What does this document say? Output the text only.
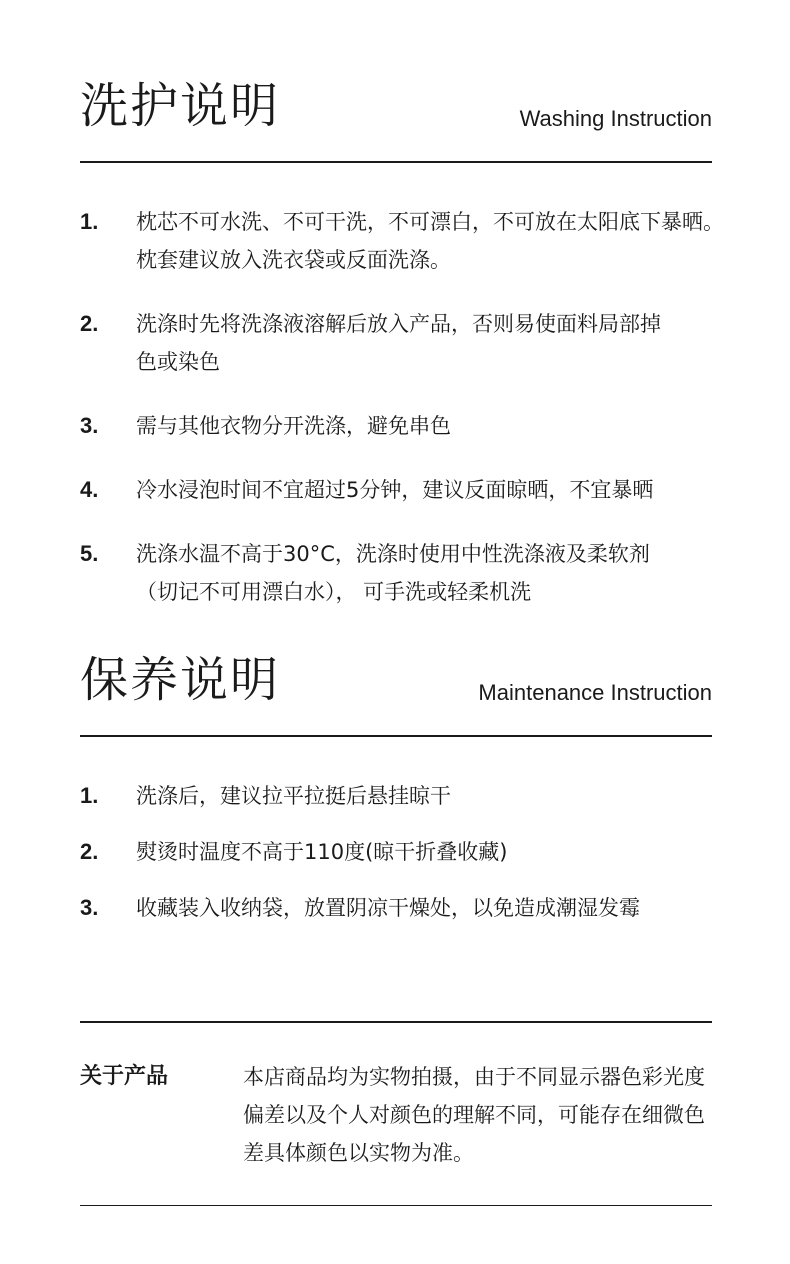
洗护说明	Washing Instruction
1.	枕芯不可水洗、不可干洗，不可漂白，不可放在太阳底下暴晒。
枕套建议放入洗衣袋或反面洗涤。
2.	洗涤时先将洗涤液溶解后放入产品，否则易使面料局部掉
色或染色
3.	需与其他衣物分开洗涤，避免串色
4.	冷水浸泡时间不宜超过5分钟，建议反面晾晒，不宜暴晒
5.	洗涤水温不高于30°C，洗涤时使用中性洗涤液及柔软剂
（切记不可用漂白水）， 可手洗或轻柔机洗
保养说明	Maintenance Instruction
1.	洗涤后，建议拉平拉挺后悬挂晾干
2.	熨烫时温度不高于110度(晾干折叠收藏)
3.	收藏装入收纳袋，放置阴凉干燥处，以免造成潮湿发霉
关于产品	本店商品均为实物拍摄，由于不同显示器色彩光度偏差以及个人对颜色的理解不同，可能存在细微色差具体颜色以实物为准。
